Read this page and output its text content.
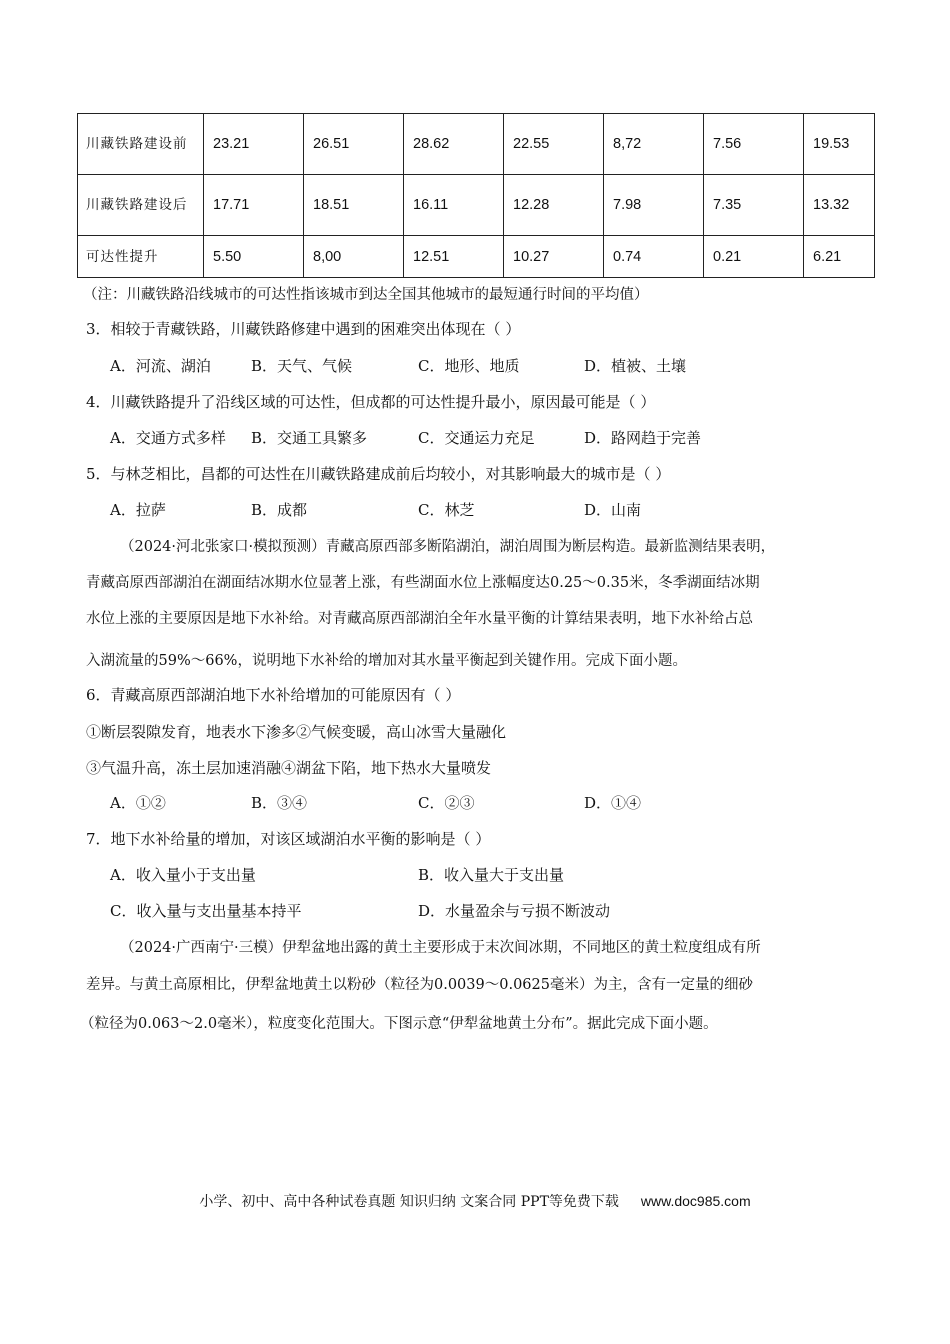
川藏铁路建设前	23.21	26.51	28.62	22.55	8,72	7.56	19.53
川藏铁路建设后	17.71	18.51	16.11	12.28	7.98	7.35	13.32
可达性提升	5.50	8,00	12.51	10.27	0.74	0.21	6.21
（注：川藏铁路沿线城市的可达性指该城市到达全国其他城市的最短通行时间的平均值）
3．相较于青藏铁路，川藏铁路修建中遇到的困难突出体现在（ ）
A．河流、湖泊	B．天气、气候	C．地形、地质	D．植被、土壤
4．川藏铁路提升了沿线区域的可达性，但成都的可达性提升最小，原因最可能是（ ）
A．交通方式多样 B．交通工具繁多	C．交通运力充足	D．路网趋于完善
5．与林芝相比，昌都的可达性在川藏铁路建成前后均较小，对其影响最大的城市是（ ）
A．拉萨	B．成都	C．林芝	D．山南
（2024·河北张家口·模拟预测）青藏高原西部多断陷湖泊，湖泊周围为断层构造。最新监测结果表明，
青藏高原西部湖泊在湖面结冰期水位显著上涨，有些湖面水位上涨幅度达0.25～0.35米，冬季湖面结冰期
水位上涨的主要原因是地下水补给。对青藏高原西部湖泊全年水量平衡的计算结果表明，地下水补给占总
入湖流量的59%～66%，说明地下水补给的增加对其水量平衡起到关键作用。完成下面小题。
6．青藏高原西部湖泊地下水补给增加的可能原因有（ ）
①断层裂隙发育，地表水下渗多②气候变暖，高山冰雪大量融化
③气温升高，冻土层加速消融④湖盆下陷，地下热水大量喷发
A．①②	B．③④	C．②③	D．①④
7．地下水补给量的增加，对该区域湖泊水平衡的影响是（ ）
A．收入量小于支出量	B．收入量大于支出量
C．收入量与支出量基本持平	D．水量盈余与亏损不断波动
（2024·广西南宁·三模）伊犁盆地出露的黄土主要形成于末次间冰期，不同地区的黄土粒度组成有所
差异。与黄土高原相比，伊犁盆地黄土以粉砂（粒径为0.0039～0.0625毫米）为主，含有一定量的细砂
（粒径为0.063～2.0毫米），粒度变化范围大。下图示意“伊犁盆地黄土分布”。据此完成下面小题。
小学、初中、高中各种试卷真题 知识归纳 文案合同 PPT等免费下载 www.doc985.com
